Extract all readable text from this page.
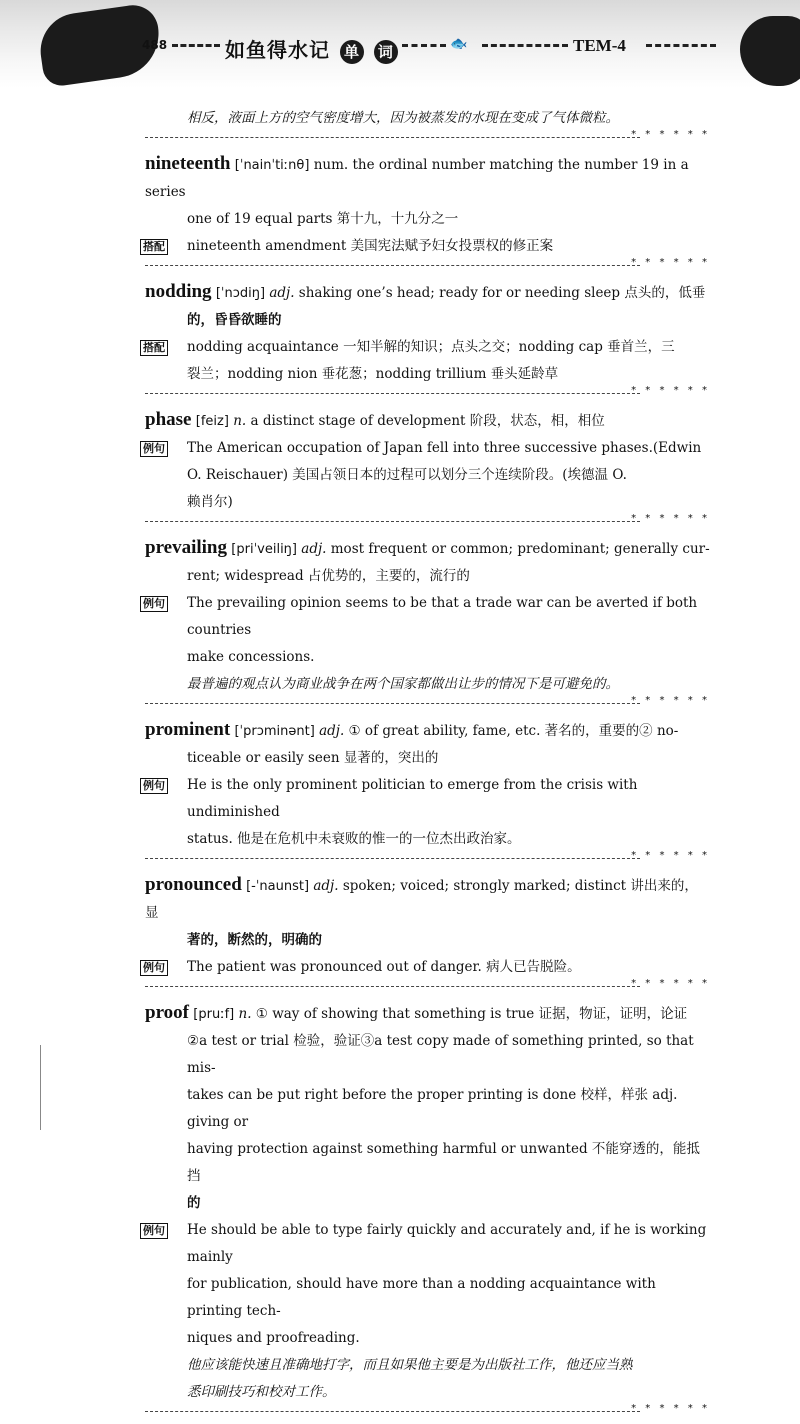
488	如鱼得水记 单 词	🐟	TEM-4
相反，液面上方的空气密度增大，因为被蒸发的水现在变成了气体微粒。
* * * * * *
nineteenth [ˈnainˈtiːnθ] num. the ordinal number matching the number 19 in a series
one of 19 equal parts 第十九，十九分之一
搭配 nineteenth amendment 美国宪法赋予妇女投票权的修正案
* * * * * *
nodding [ˈnɔdiŋ] adj. shaking one’s head; ready for or needing sleep 点头的，低垂
的，昏昏欲睡的
搭配 nodding acquaintance 一知半解的知识；点头之交；nodding cap 垂首兰，三
裂兰；nodding nion 垂花葱；nodding trillium 垂头延龄草
* * * * * *
phase [feiz] n. a distinct stage of development 阶段，状态，相，相位
例句 The American occupation of Japan fell into three successive phases.(Edwin
O. Reischauer) 美国占领日本的过程可以划分三个连续阶段。(埃德温 O.
赖肖尔)
* * * * * *
prevailing [priˈveiliŋ] adj. most frequent or common; predominant; generally cur-
rent; widespread 占优势的，主要的，流行的
例句 The prevailing opinion seems to be that a trade war can be averted if both countries
make concessions.
最普遍的观点认为商业战争在两个国家都做出让步的情况下是可避免的。
* * * * * *
prominent [ˈprɔminənt] adj. ① of great ability, fame, etc. 著名的，重要的② no-
ticeable or easily seen 显著的，突出的
例句 He is the only prominent politician to emerge from the crisis with undiminished
status. 他是在危机中未衰败的惟一的一位杰出政治家。
* * * * * *
pronounced [-ˈnaunst] adj. spoken; voiced; strongly marked; distinct 讲出来的，显
著的，断然的，明确的
例句 The patient was pronounced out of danger. 病人已告脱险。
* * * * * *
proof [pruːf] n. ① way of showing that something is true 证据，物证，证明，论证
②a test or trial 检验，验证③a test copy made of something printed, so that mis-
takes can be put right before the proper printing is done 校样，样张 adj. giving or
having protection against something harmful or unwanted 不能穿透的，能抵挡
的
例句 He should be able to type fairly quickly and accurately and, if he is working mainly
for publication, should have more than a nodding acquaintance with printing tech-
niques and proofreading.
他应该能快速且准确地打字，而且如果他主要是为出版社工作，他还应当熟
悉印刷技巧和校对工作。
* * * * * *
